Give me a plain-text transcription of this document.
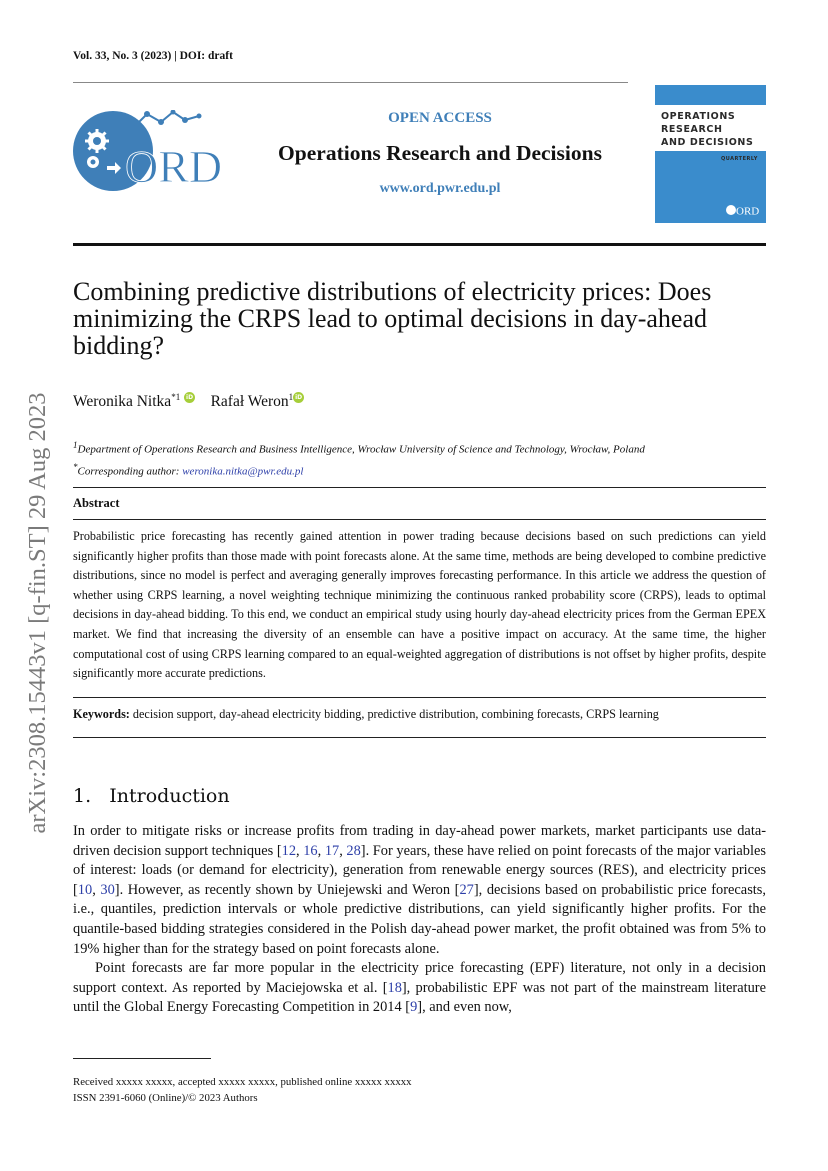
Vol. 33, No. 3 (2023) | DOI: draft
ORD
OPEN ACCESS
Operations Research and Decisions
www.ord.pwr.edu.pl
OPERATIONS
RESEARCH
AND DECISIONS
QUARTERLY
ORD
arXiv:2308.15443v1 [q-fin.ST] 29 Aug 2023
Combining predictive distributions of electricity prices: Does minimizing the CRPS lead to optimal decisions in day-ahead bidding?
Weronika Nitka$^{*1}$ iD Rafał Weron$^1$ iD
$^1$Department of Operations Research and Business Intelligence, Wrocław University of Science and Technology, Wrocław, Poland
*Corresponding author: weronika.nitka@pwr.edu.pl
Abstract
Probabilistic price forecasting has recently gained attention in power trading because decisions based on such predictions can yield significantly higher profits than those made with point forecasts alone. At the same time, methods are being developed to combine predictive distributions, since no model is perfect and averaging generally improves forecasting performance. In this article we address the question of whether using CRPS learning, a novel weighting technique minimizing the continuous ranked probability score (CRPS), leads to optimal decisions in day-ahead bidding. To this end, we conduct an empirical study using hourly day-ahead electricity prices from the German EPEX market. We find that increasing the diversity of an ensemble can have a positive impact on accuracy. At the same time, the higher computational cost of using CRPS learning compared to an equal-weighted aggregation of distributions is not offset by higher profits, despite significantly more accurate predictions.
Keywords: decision support, day-ahead electricity bidding, predictive distribution, combining forecasts, CRPS learning
1. Introduction

In order to mitigate risks or increase profits from trading in day-ahead power markets, market participants use data-driven decision support techniques [12, 16, 17, 28]. For years, these have relied on point forecasts of the major variables of interest: loads (or demand for electricity), generation from renewable energy sources (RES), and electricity prices [10, 30]. However, as recently shown by Uniejewski and Weron [27], decisions based on probabilistic price forecasts, i.e., quantiles, prediction intervals or whole predictive distributions, can yield significantly higher profits. For the quantile-based bidding strategies considered in the Polish day-ahead power market, the profit obtained was from 5% to 19% higher than for the strategy based on point forecasts alone.

Point forecasts are far more popular in the electricity price forecasting (EPF) literature, not only in a decision support context. As reported by Maciejowska et al. [18], probabilistic EPF was not part of the mainstream literature until the Global Energy Forecasting Competition in 2014 [9], and even now,

Received xxxxx xxxxx, accepted xxxxx xxxxx, published online xxxxx xxxxx
ISSN 2391-6060 (Online)/© 2023 Authors
